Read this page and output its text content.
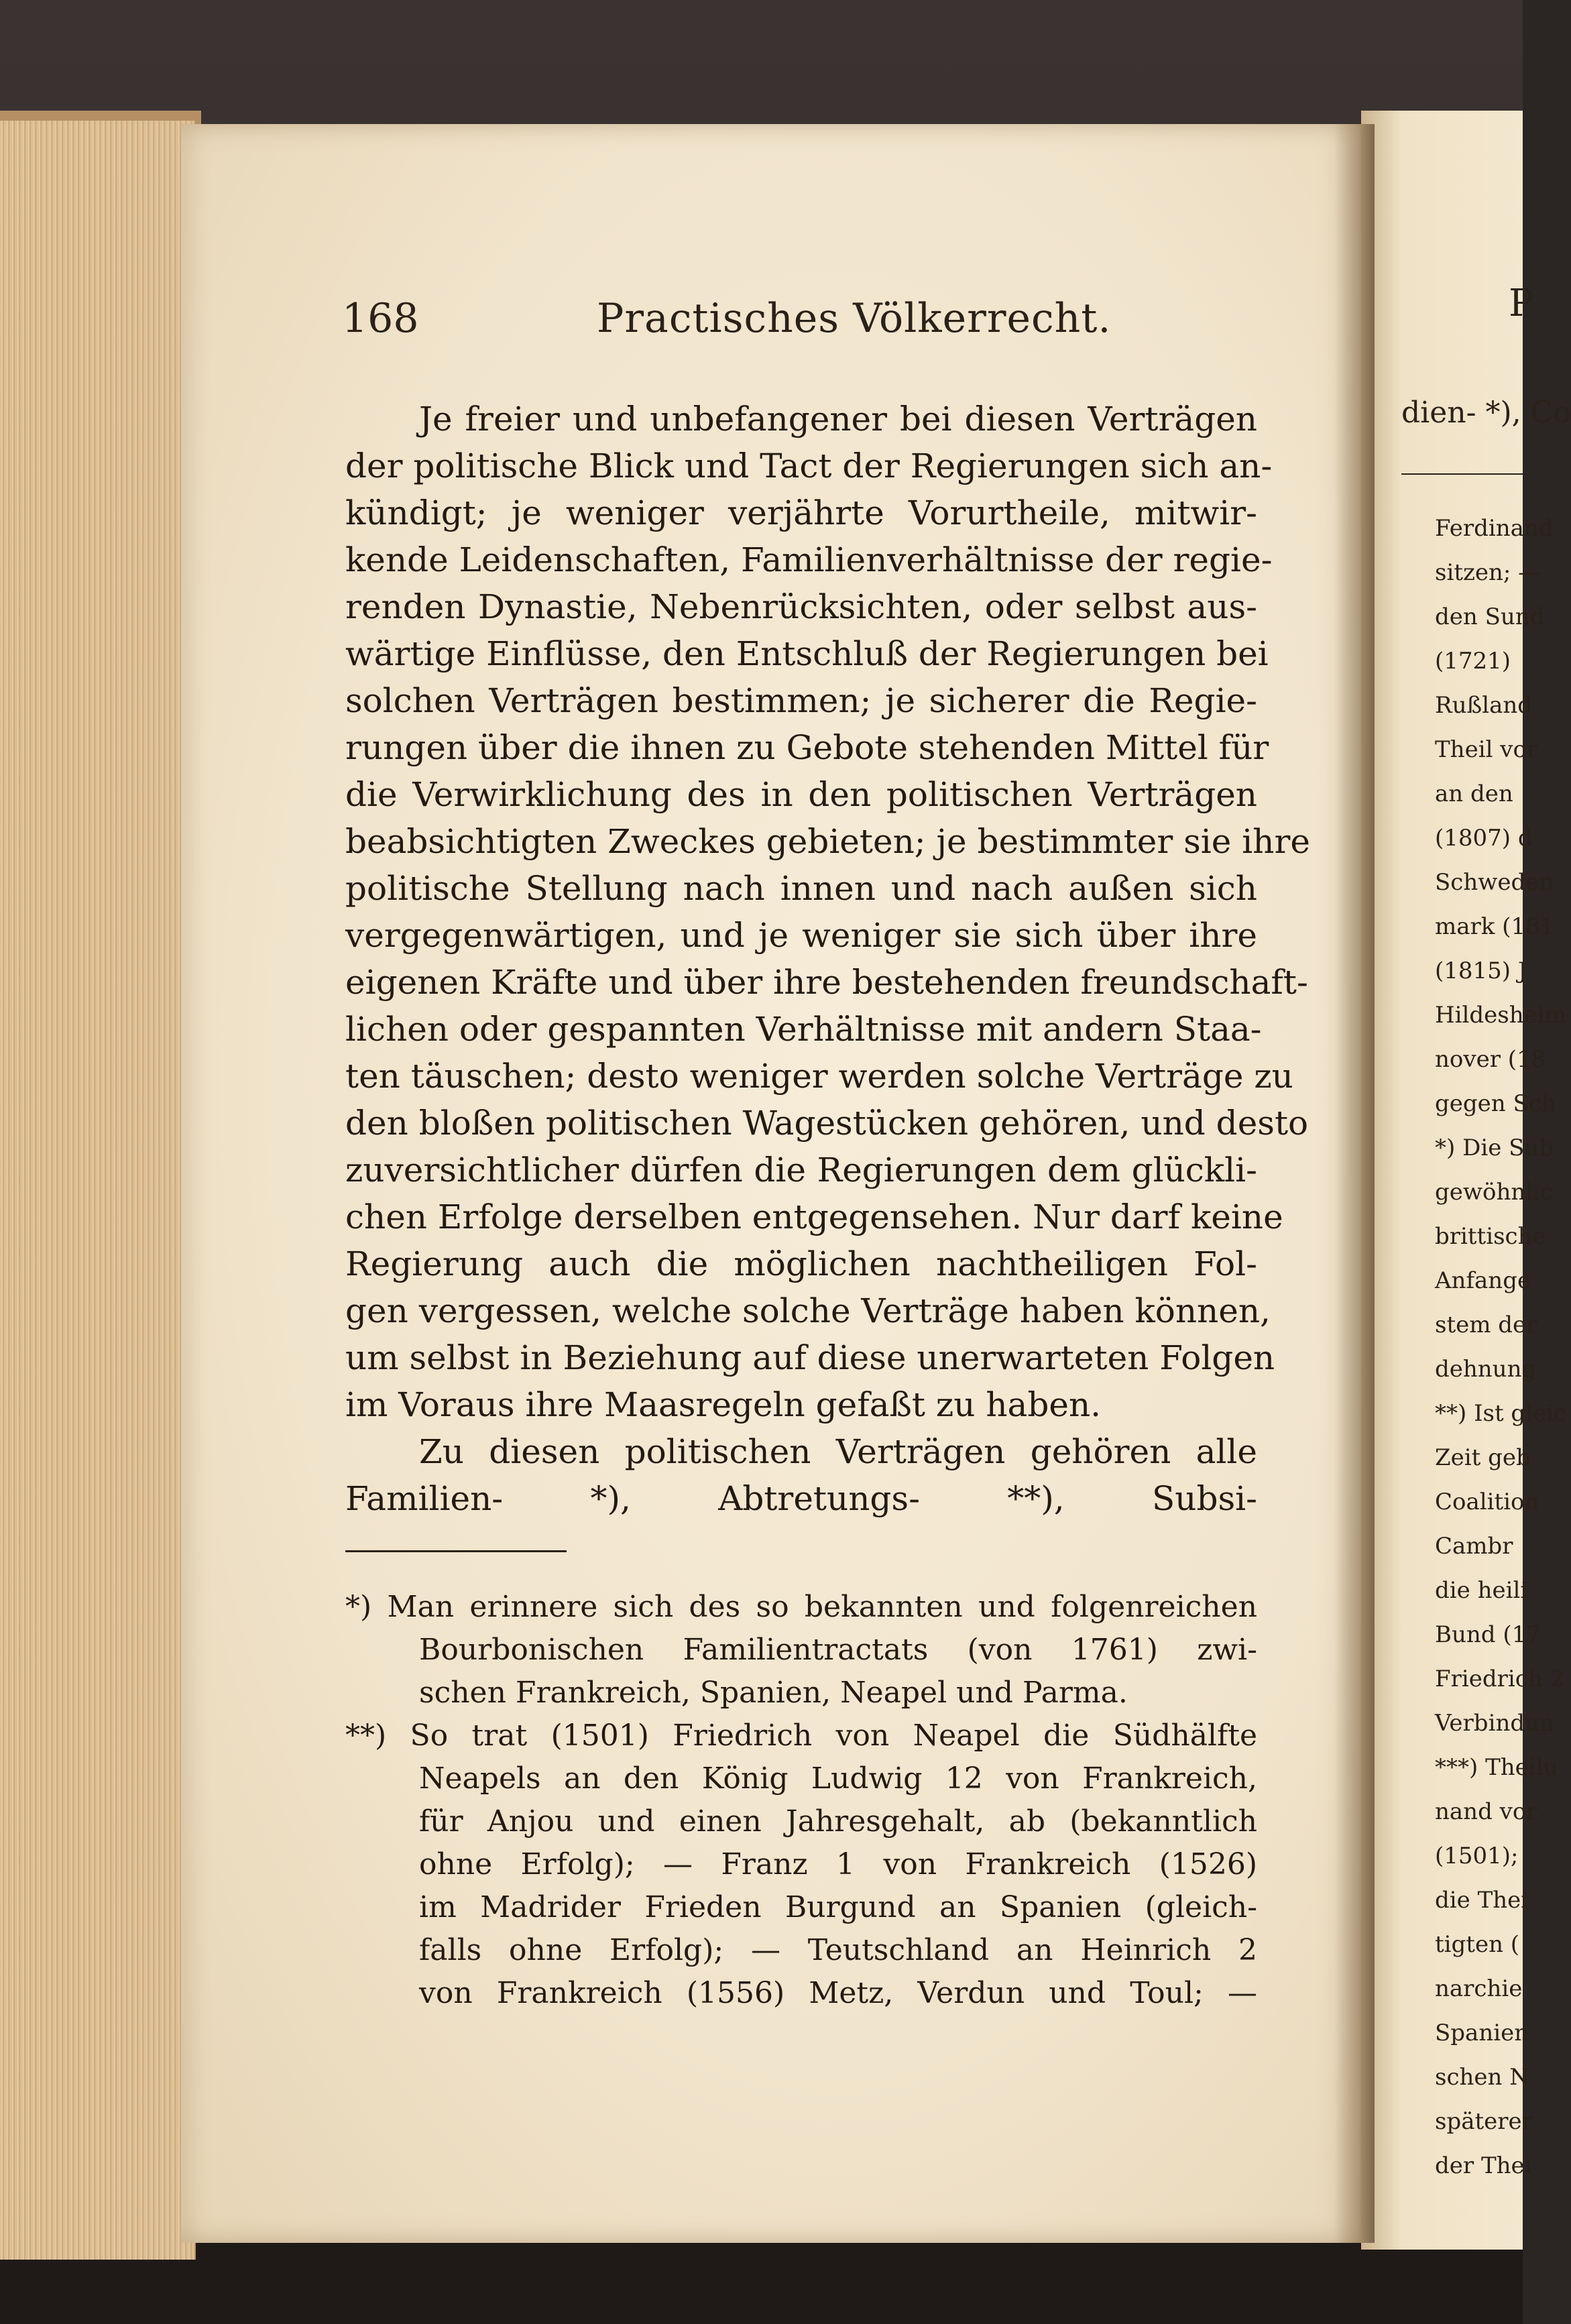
168	Practisches Völkerrecht.
Je freier und unbefangener bei diesen Verträgen
der politische Blick und Tact der Regierungen sich an-
kündigt; je weniger verjährte Vorurtheile, mitwir-
kende Leidenschaften, Familienverhältnisse der regie-
renden Dynastie, Nebenrücksichten, oder selbst aus-
wärtige Einflüsse, den Entschluß der Regierungen bei
solchen Verträgen bestimmen; je sicherer die Regie-
rungen über die ihnen zu Gebote stehenden Mittel für
die Verwirklichung des in den politischen Verträgen
beabsichtigten Zweckes gebieten; je bestimmter sie ihre
politische Stellung nach innen und nach außen sich
vergegenwärtigen, und je weniger sie sich über ihre
eigenen Kräfte und über ihre bestehenden freundschaft-
lichen oder gespannten Verhältnisse mit andern Staa-
ten täuschen; desto weniger werden solche Verträge zu
den bloßen politischen Wagestücken gehören, und desto
zuversichtlicher dürfen die Regierungen dem glückli-
chen Erfolge derselben entgegensehen. Nur darf keine
Regierung auch die möglichen nachtheiligen Fol-
gen vergessen, welche solche Verträge haben können,
um selbst in Beziehung auf diese unerwarteten Folgen
im Voraus ihre Maasregeln gefaßt zu haben.
Zu diesen politischen Verträgen gehören alle
Familien- *), Abtretungs- **), Subsi-
*) Man erinnere sich des so bekannten und folgenreichen
Bourbonischen Familientractats (von 1761) zwi-
schen Frankreich, Spanien, Neapel und Parma.
**) So trat (1501) Friedrich von Neapel die Südhälfte
Neapels an den König Ludwig 12 von Frankreich,
für Anjou und einen Jahresgehalt, ab (bekanntlich
ohne Erfolg); — Franz 1 von Frankreich (1526)
im Madrider Frieden Burgund an Spanien (gleich-
falls ohne Erfolg); — Teutschland an Heinrich 2
von Frankreich (1556) Metz, Verdun und Toul; —
P
dien- *), Co
Ferdinand
sitzen; —
den Sund
(1721)
Rußland
Theil vor
an den
(1807) d
Schweden
mark (181
(1815) J
Hildesheim
nover (18
gegen Sch
*) Die Sub
gewöhnlic
brittische
Anfange
stem der
dehnung
**) Ist gleic
Zeit geb
Coalition
Cambr
die heili
Bund (17
Friedrich 2
Verbindun
***) Theilu
nand vor
(1501);
die Thei
tigten (
narchie
Spanien
schen N
späterer
der Thei
